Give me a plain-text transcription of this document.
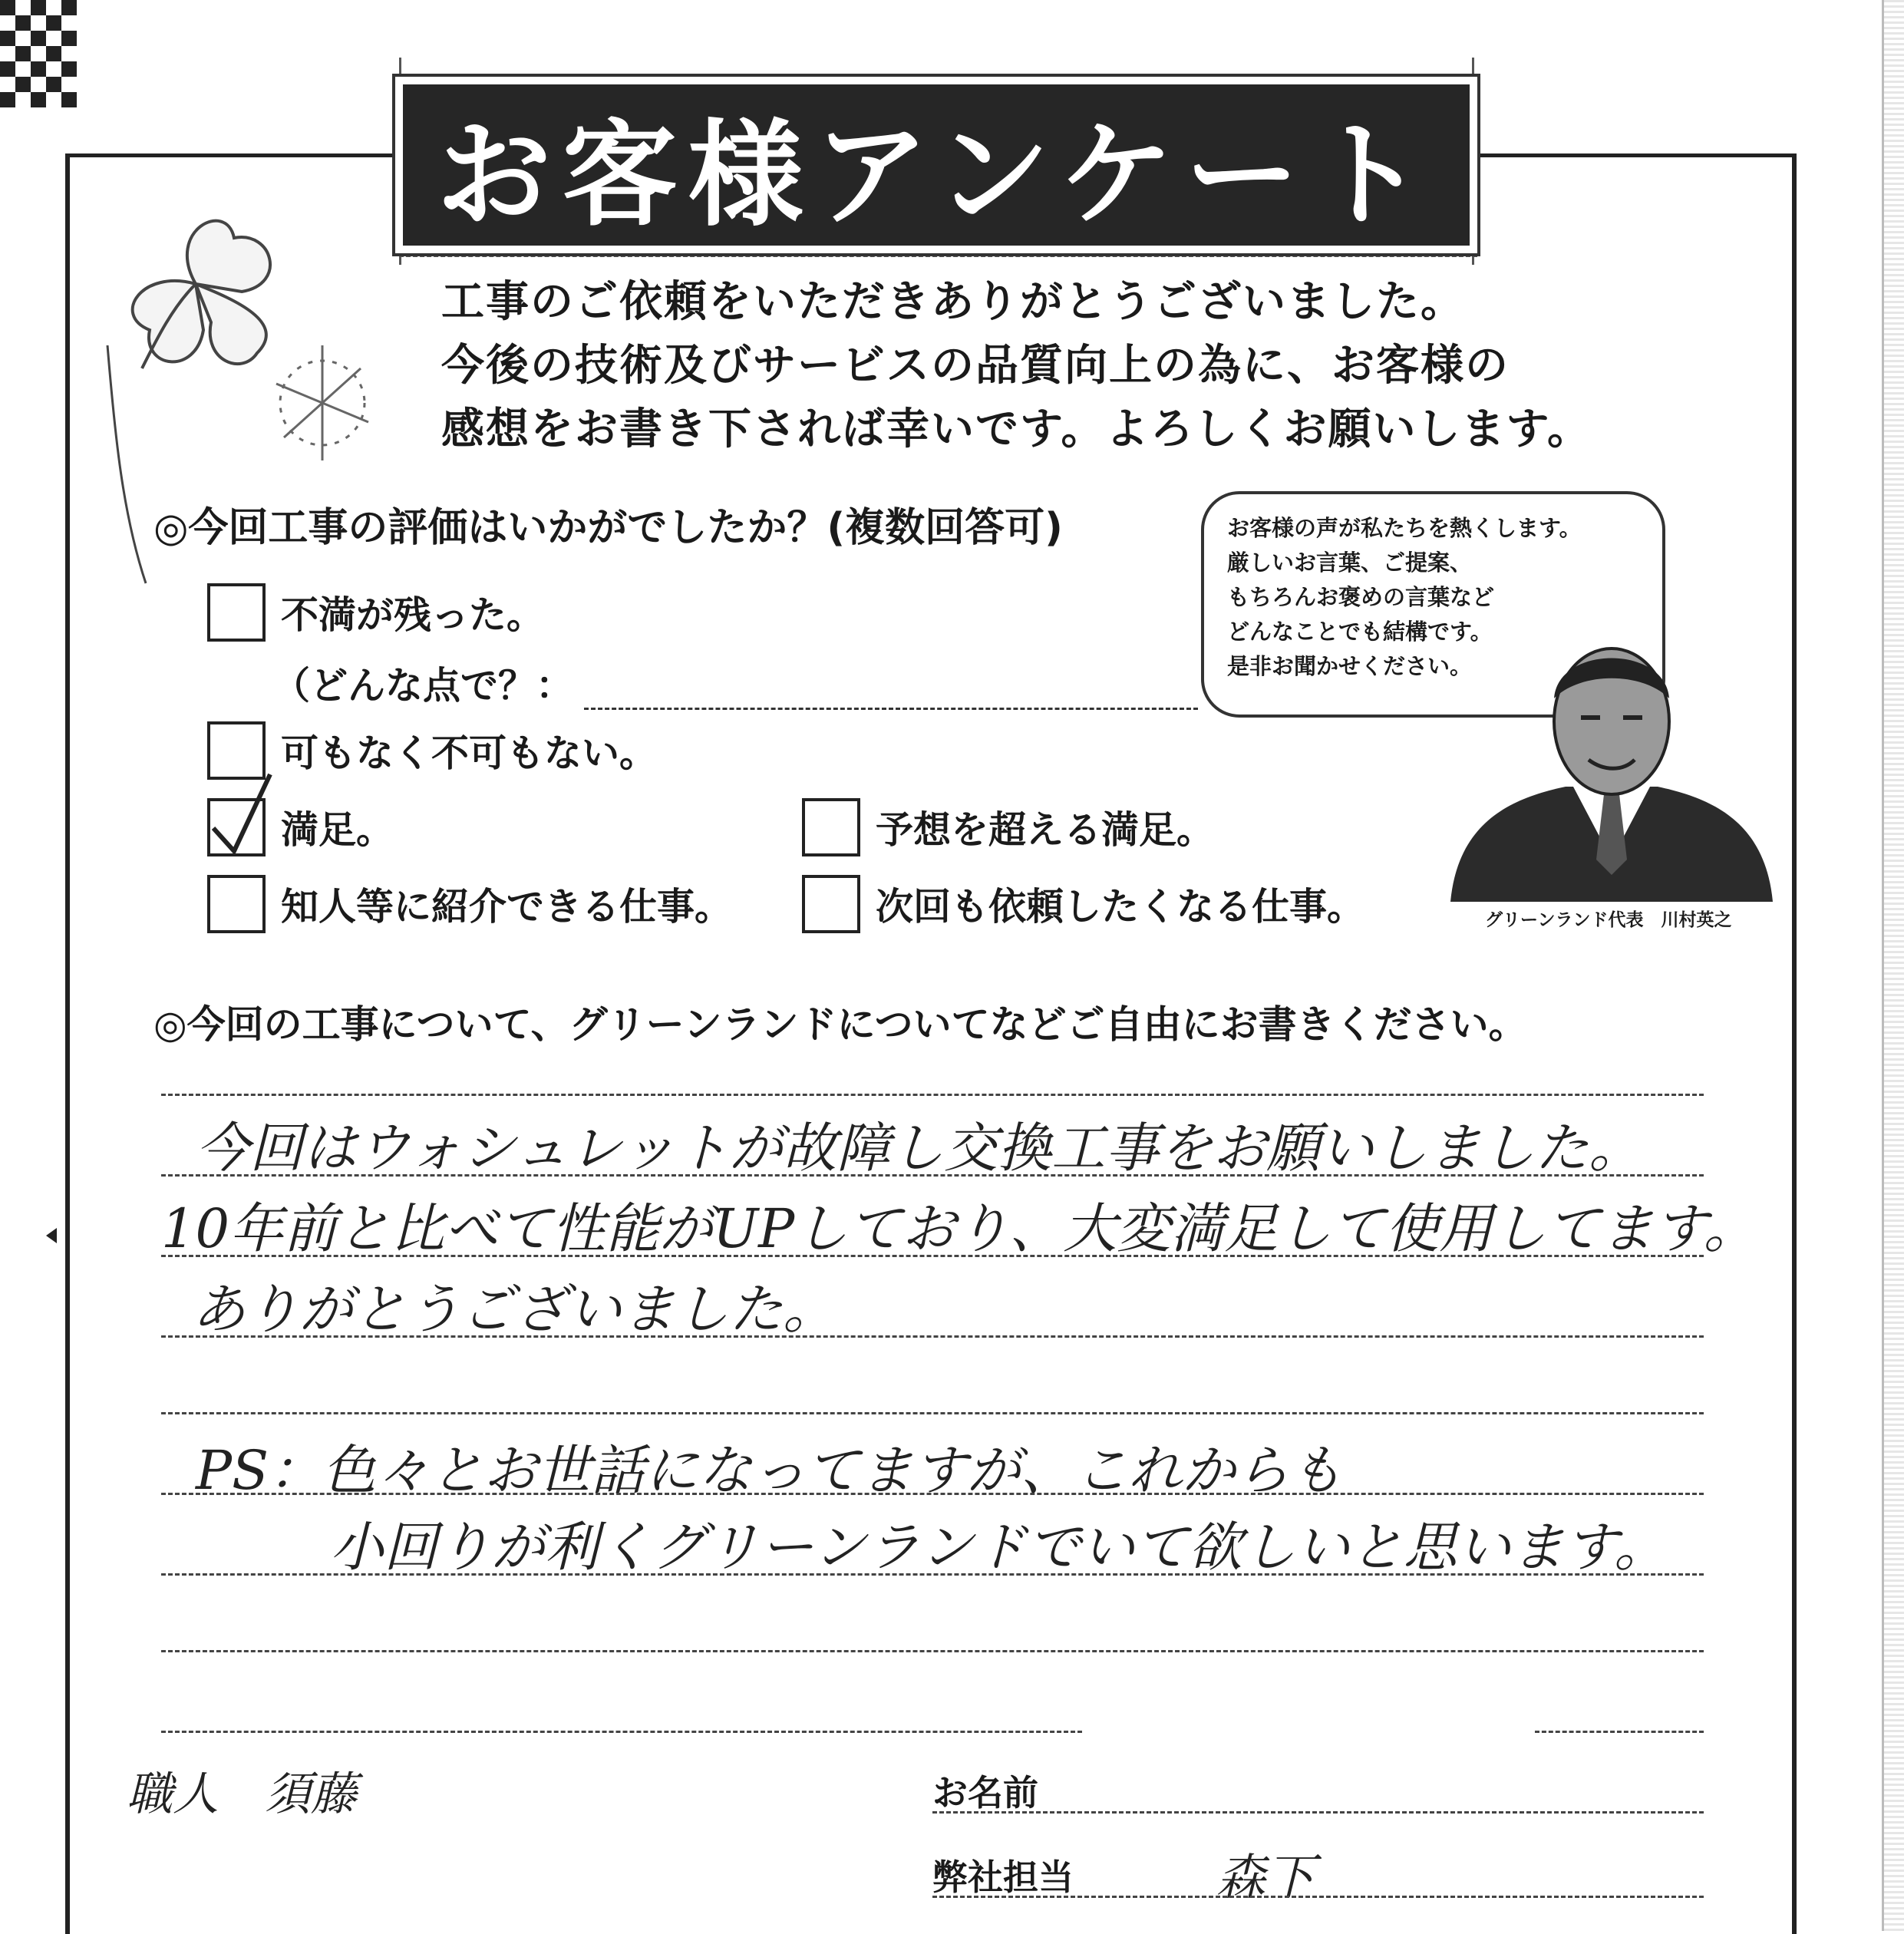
お客様アンケート
工事のご依頼をいただきありがとうございました。
今後の技術及びサービスの品質向上の為に、お客様の
感想をお書き下されば幸いです。よろしくお願いします。
◎今回工事の評価はいかがでしたか？(複数回答可)
不満が残った。
（どんな点で？：
可もなく不可もない。
満足。	予想を超える満足。
知人等に紹介できる仕事。	次回も依頼したくなる仕事。
お客様の声が私たちを熱くします。
厳しいお言葉、ご提案、
もちろんお褒めの言葉など
どんなことでも結構です。
是非お聞かせください。
グリーンランド代表　川村英之
◎今回の工事について、グリーンランドについてなどご自由にお書きください。
今回はウォシュレットが故障し交換工事をお願いしました。
10年前と比べて性能がUPしており、大変満足して使用してます。
ありがとうございました。
PS：色々とお世話になってますが、これからも
小回りが利くグリーンランドでいて欲しいと思います。
職人　須藤	お名前
弊社担当	森下
